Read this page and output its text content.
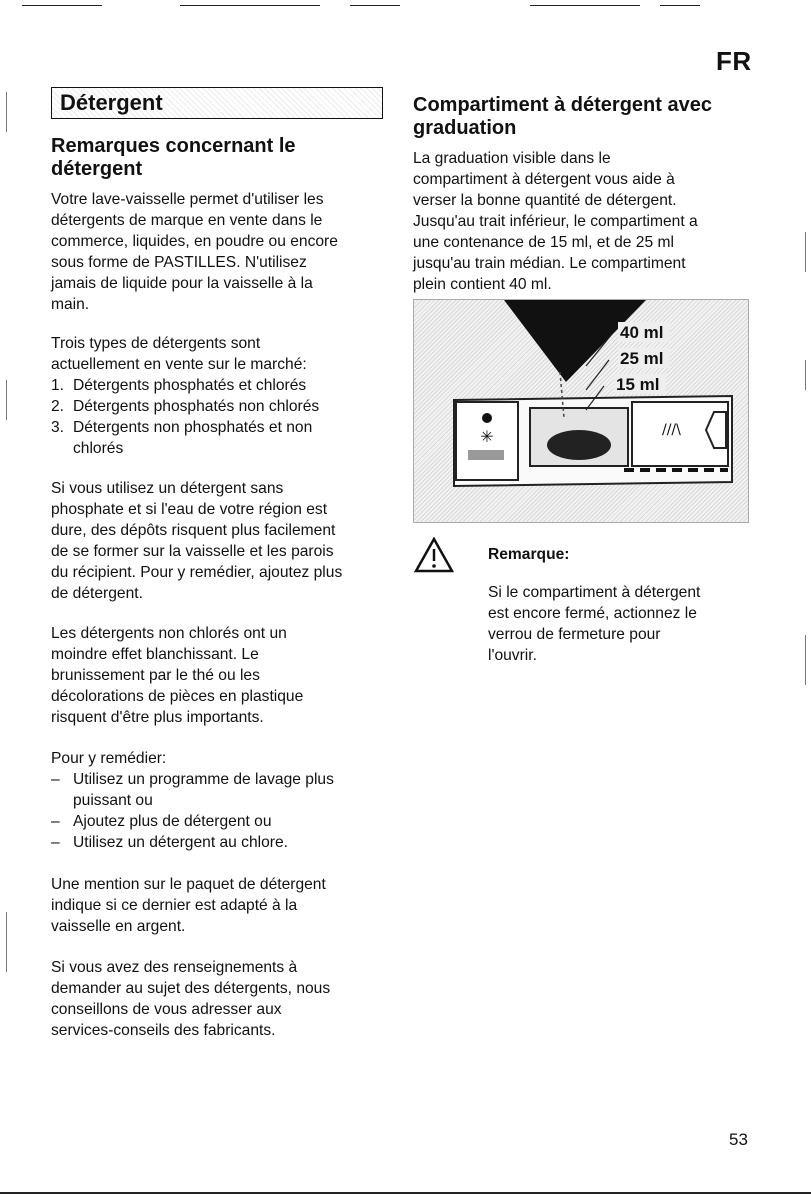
FR
Détergent
Remarques concernant le
détergent
Votre lave-vaisselle permet d'utiliser les
détergents de marque en vente dans le
commerce, liquides, en poudre ou encore
sous forme de PASTILLES. N'utilisez
jamais de liquide pour la vaisselle à la
main.
Trois types de détergents sont
actuellement en vente sur le marché:
1. Détergents phosphatés et chlorés
2. Détergents phosphatés non chlorés
3. Détergents non phosphatés et non
chlorés
Si vous utilisez un détergent sans
phosphate et si l'eau de votre région est
dure, des dépôts risquent plus facilement
de se former sur la vaisselle et les parois
du récipient. Pour y remédier, ajoutez plus
de détergent.
Les détergents non chlorés ont un
moindre effet blanchissant. Le
brunissement par le thé ou les
décolorations de pièces en plastique
risquent d'être plus importants.
Pour y remédier:
– Utilisez un programme de lavage plus
puissant ou
– Ajoutez plus de détergent ou
– Utilisez un détergent au chlore.
Une mention sur le paquet de détergent
indique si ce dernier est adapté à la
vaisselle en argent.
Si vous avez des renseignements à
demander au sujet des détergents, nous
conseillons de vous adresser aux
services-conseils des fabricants.
Compartiment à détergent avec
graduation
La graduation visible dans le
compartiment à détergent vous aide à
verser la bonne quantité de détergent.
Jusqu'au trait inférieur, le compartiment a
une contenance de 15 ml, et de 25 ml
jusqu'au train médian. Le compartiment
plein contient 40 ml.
✳	///\
40 ml
25 ml
15 ml
Remarque:
Si le compartiment à détergent
est encore fermé, actionnez le
verrou de fermeture pour
l'ouvrir.
53
